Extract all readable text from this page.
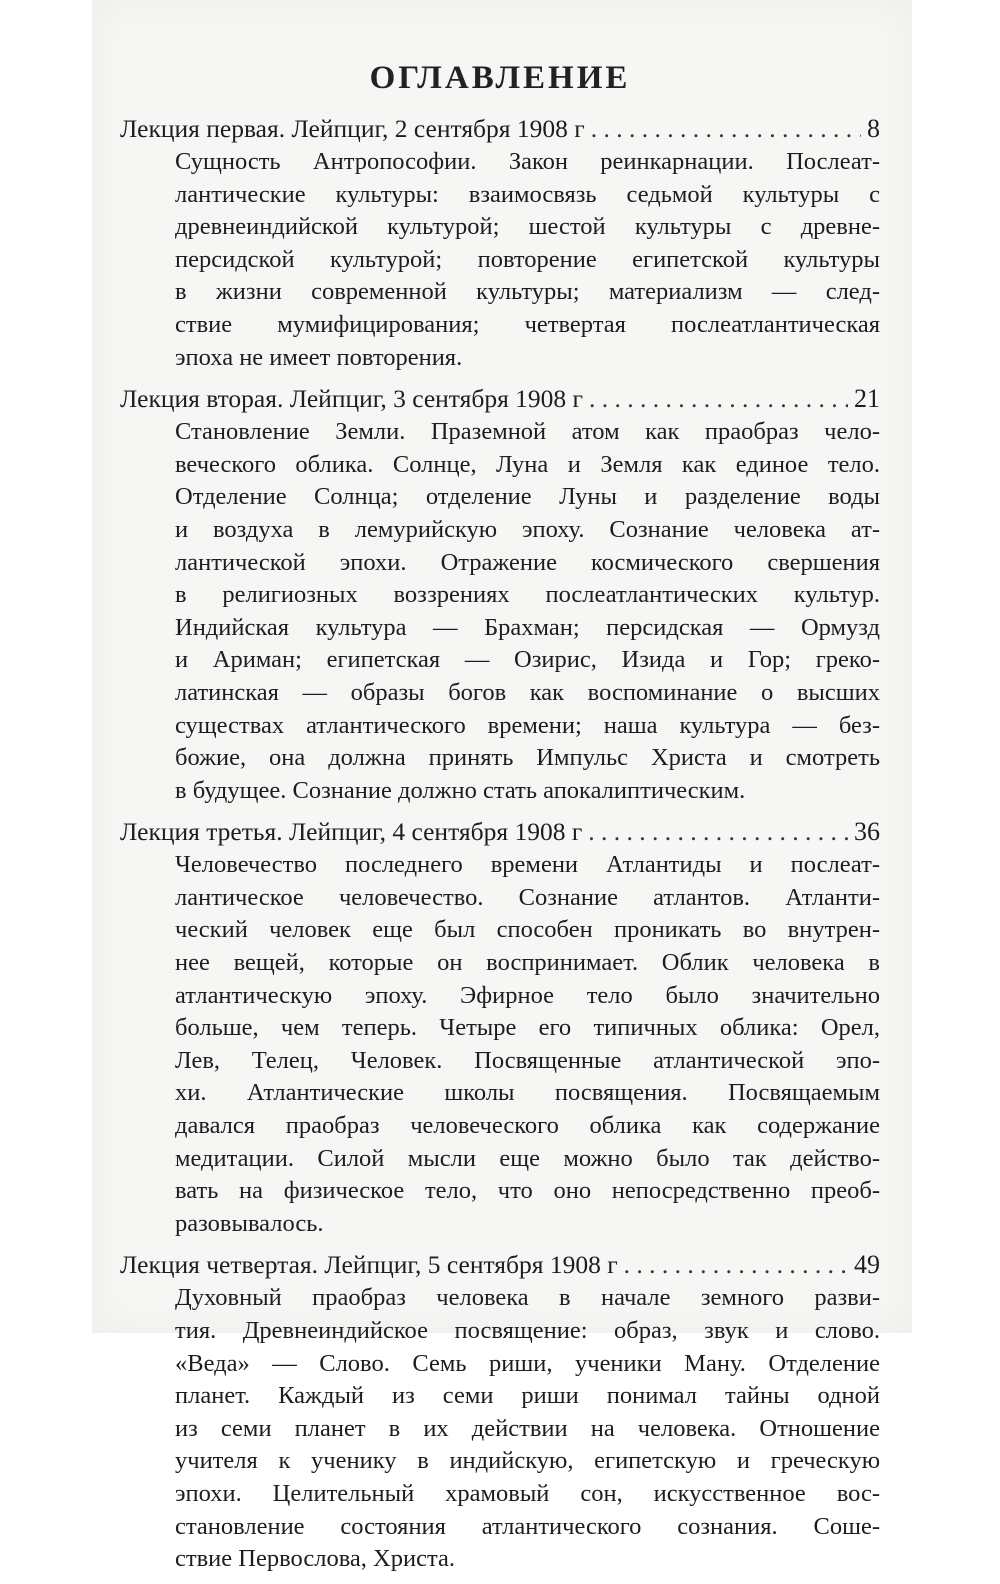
ОГЛАВЛЕНИЕ
Лекция первая. Лейпциг, 2 сентября 1908 г . . .	8
Сущность Антропософии. Закон реинкарнации. Послеат-
лантические культуры: взаимосвязь седьмой культуры с
древнеиндийской культурой; шестой культуры с древне-
персидской культурой; повторение египетской культуры
в жизни современной культуры; материализм — след-
ствие мумифицирования; четвертая послеатлантическая
эпоха не имеет повторения.
Лекция вторая. Лейпциг, 3 сентября 1908 г . . .	21
Становление Земли. Праземной атом как праобраз чело-
веческого облика. Солнце, Луна и Земля как единое тело.
Отделение Солнца; отделение Луны и разделение воды
и воздуха в лемурийскую эпоху. Сознание человека ат-
лантической эпохи. Отражение космического свершения
в религиозных воззрениях послеатлантических культур.
Индийская культура — Брахман; персидская — Ормузд
и Ариман; египетская — Озирис, Изида и Гор; греко-
латинская — образы богов как воспоминание о высших
существах атлантического времени; наша культура — без-
божие, она должна принять Импульс Христа и смотреть
в будущее. Сознание должно стать апокалиптическим.
Лекция третья. Лейпциг, 4 сентября 1908 г . . .	36
Человечество последнего времени Атлантиды и послеат-
лантическое человечество. Сознание атлантов. Атланти-
ческий человек еще был способен проникать во внутрен-
нее вещей, которые он воспринимает. Облик человека в
атлантическую эпоху. Эфирное тело было значительно
больше, чем теперь. Четыре его типичных облика: Орел,
Лев, Телец, Человек. Посвященные атлантической эпо-
хи. Атлантические школы посвящения. Посвящаемым
давался праобраз человеческого облика как содержание
медитации. Силой мысли еще можно было так действо-
вать на физическое тело, что оно непосредственно преоб-
разовывалось.
Лекция четвертая. Лейпциг, 5 сентября 1908 г . . .	49
Духовный праобраз человека в начале земного разви-
тия. Древнеиндийское посвящение: образ, звук и слово.
«Веда» — Слово. Семь риши, ученики Ману. Отделение
планет. Каждый из семи риши понимал тайны одной
из семи планет в их действии на человека. Отношение
учителя к ученику в индийскую, египетскую и греческую
эпохи. Целительный храмовый сон, искусственное вос-
становление состояния атлантического сознания. Соше-
ствие Первослова, Христа.
